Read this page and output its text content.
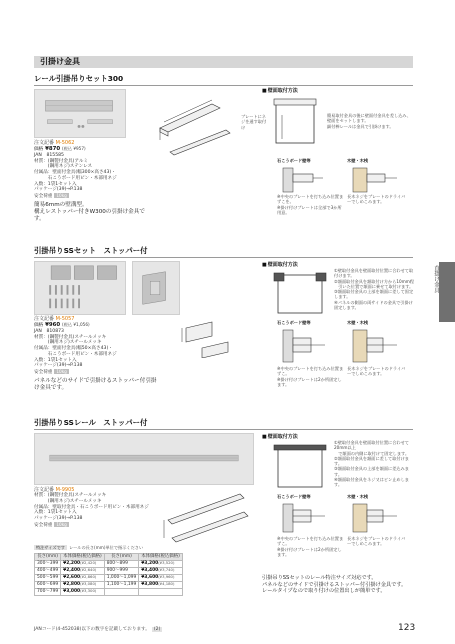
引掛け金具
直掛け金具
レール引掛吊りセット300
プレートにネジを通す取付け
■ 壁面取付方法
簡易取付金具の後に壁面付金具を差し込み、
壁面をセットします。
細付棒レールは金具で引掛けます。
石こうボード壁等	木壁・木桟
※中央のプレートを打ち込み位置まずこを。
※掛け付けプレートは全部で3か所用意。
長木ネジをプレートのドライバーでしめこみます。
注文記番 M-5062
価格 ¥870 (税込 ¥957)
JAN　815585
材質：(鋼製付金具)アルミ
　　　(鋼用ネジ)ステンレス
付属品：壁面付金具(幅300×高さ43)・
　　　石こうボード用ピン・木部用ネジ
入数：1袋1セット入
パッケージ(39)→P.138
安全荷重 10kg
簡易6mmの壁溝型。
構えレストッパー付きW300の引掛け金具です。
引掛吊りSSセット　ストッパー付
■ 壁面取付方法
①壁取付金具を壁面取付位置に合わせて取付けます。
②額面取付金具を額取付け方から10mm程
　引いた位置で額面に乗せて取付けます。
③額面取付金具の上部を額面に差して固定します。
④パネルの側面の両サイドの金具で引掛け固定します。
石こうボード壁等	木壁・木桟
※中央のプレートを打ち込み位置まずこ。
※掛け付けプレートは2か所固定します。
長木ネジをプレートのドライバーでしめこみます。
注文記番 M-5057
価格 ¥960 (税込 ¥1,056)
JAN　810873
材質：(鋼製付金具)スチールメッキ
　　　(鋼用ネジ)スチールメッキ
付属品：壁面付金具(幅50×高さ43)・
　　　石こうボード用ピン・木部用ネジ
入数：1袋1セット入
パッケージ(39)→P.138
安全荷重 10kg
パネルなどのサイドで引掛けるストッパー付引掛け金具です。
引掛吊りSSレール　ストッパー付
■ 壁面取付方法
①壁取付金具を壁面取付位置に合わせて20mm以上
　で額面の内側に取付けて固定します。
②額面取付金具を額面に差して取付けます。
③額面取付金具の上部を額面に差込みます。
④額面取付金具をネジ又はピン止めします。
石こうボード壁等	木壁・木桟
※中央のプレートを打ち込み位置まずこ。
※掛け付けプレートは2か所固定します。
長木ネジをプレートのドライバーでしめこみます。
注文記番 M-9905
材質：(鋼製付金具)スチールメッキ
　　　(鋼用ネジ)スチールメッキ
付属品：壁取付金具・石こうボード用ピン・木部用ネジ
入数：1袋1セット入
パッケージ(39)→P.138
安全荷重 10kg
特注サイズです レールの長さ(mm)単位で指示ください
長さ(mm)	本体価格(税込価格)	長さ(mm)	本体価格(税込価格)
300～399	¥2,200(¥2,420)	800～899	¥3,200(¥3,520)
400～499	¥2,400(¥2,640)	900～999	¥3,400(¥3,740)
500～599	¥2,600(¥2,860)	1,000～1,099	¥3,600(¥3,960)
600～699	¥2,800(¥3,080)	1,100～1,199	¥3,800(¥4,180)
700～799	¥3,000(¥3,300)		
引掛吊りSSセットのレール特注サイズ対応です。
パネルなどのサイドで引掛けるストッパー付引掛け金具です。
レールタイプなので取り付けの位置出しが簡単です。
JANコード(4-452038)以下の数字を記載しております。 (2)	123
